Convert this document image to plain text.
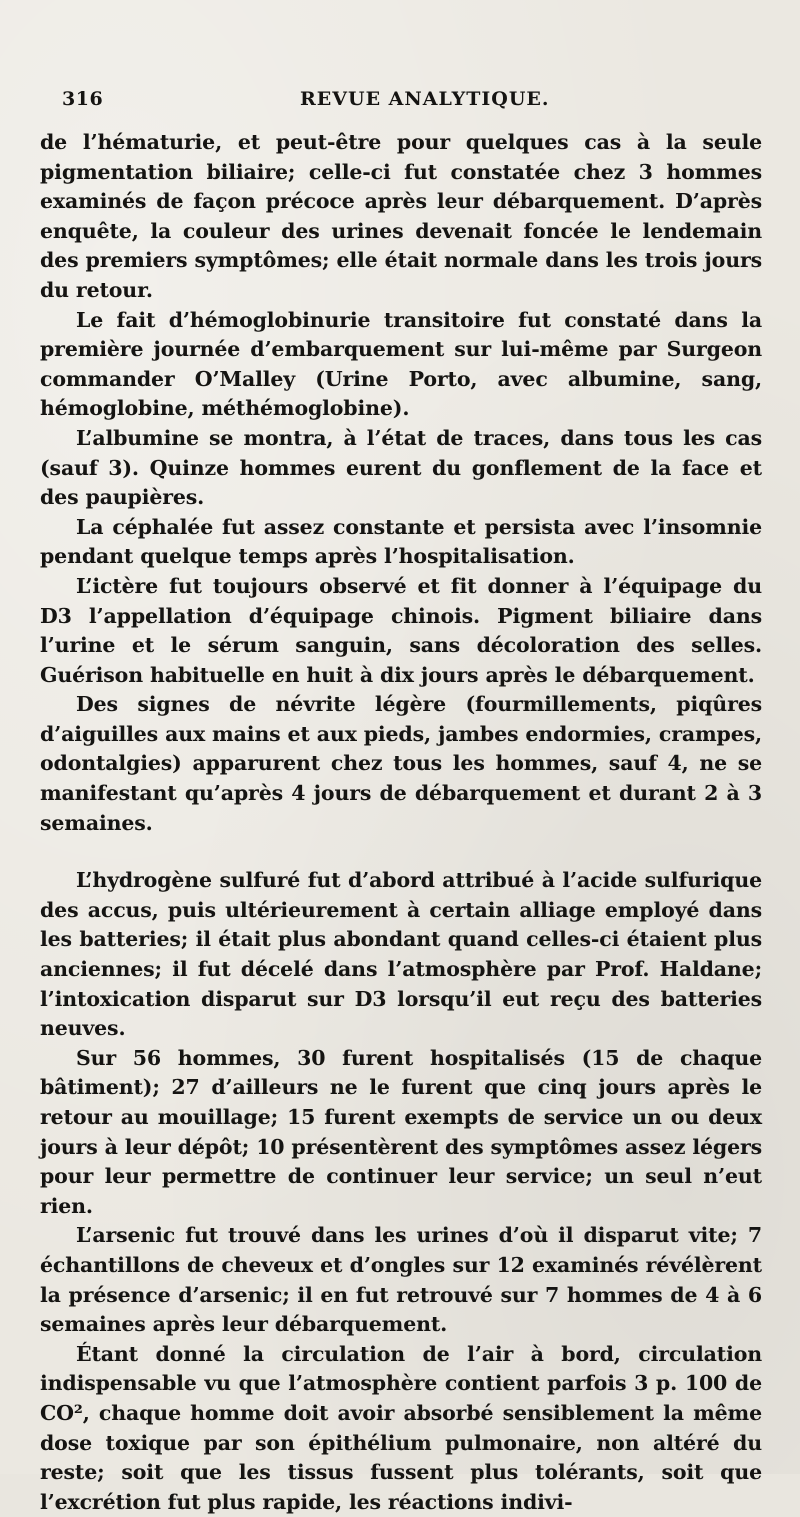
316	REVUE ANALYTIQUE.

de l’hématurie, et peut-être pour quelques cas à la seule pigmentation biliaire; celle-ci fut constatée chez 3 hommes examinés de façon précoce après leur débarquement. D’après enquête, la couleur des urines devenait foncée le lendemain des premiers symptômes; elle était normale dans les trois jours du retour.

Le fait d’hémoglobinurie transitoire fut constaté dans la première journée d’embarquement sur lui-même par Surgeon commander O’Malley (Urine Porto, avec albumine, sang, hémoglobine, méthémoglobine).

L’albumine se montra, à l’état de traces, dans tous les cas (sauf 3). Quinze hommes eurent du gonflement de la face et des paupières.

La céphalée fut assez constante et persista avec l’insomnie pendant quelque temps après l’hospitalisation.

L’ictère fut toujours observé et fit donner à l’équipage du D3 l’appellation d’équipage chinois. Pigment biliaire dans l’urine et le sérum sanguin, sans décoloration des selles. Guérison habituelle en huit à dix jours après le débarquement.

Des signes de névrite légère (fourmillements, piqûres d’aiguilles aux mains et aux pieds, jambes endormies, crampes, odontalgies) apparurent chez tous les hommes, sauf 4, ne se manifestant qu’après 4 jours de débarquement et durant 2 à 3 semaines.

L’hydrogène sulfuré fut d’abord attribué à l’acide sulfurique des accus, puis ultérieurement à certain alliage employé dans les batteries; il était plus abondant quand celles-ci étaient plus anciennes; il fut décelé dans l’atmosphère par Prof. Haldane; l’intoxication disparut sur D3 lorsqu’il eut reçu des batteries neuves.

Sur 56 hommes, 30 furent hospitalisés (15 de chaque bâtiment); 27 d’ailleurs ne le furent que cinq jours après le retour au mouillage; 15 furent exempts de service un ou deux jours à leur dépôt; 10 présentèrent des symptômes assez légers pour leur permettre de continuer leur service; un seul n’eut rien.

L’arsenic fut trouvé dans les urines d’où il disparut vite; 7 échantillons de cheveux et d’ongles sur 12 examinés révélèrent la présence d’arsenic; il en fut retrouvé sur 7 hommes de 4 à 6 semaines après leur débarquement.

Étant donné la circulation de l’air à bord, circulation indispensable vu que l’atmosphère contient parfois 3 p. 100 de CO², chaque homme doit avoir absorbé sensiblement la même dose toxique par son épithélium pulmonaire, non altéré du reste; soit que les tissus fussent plus tolérants, soit que l’excrétion fut plus rapide, les réactions indivi-
